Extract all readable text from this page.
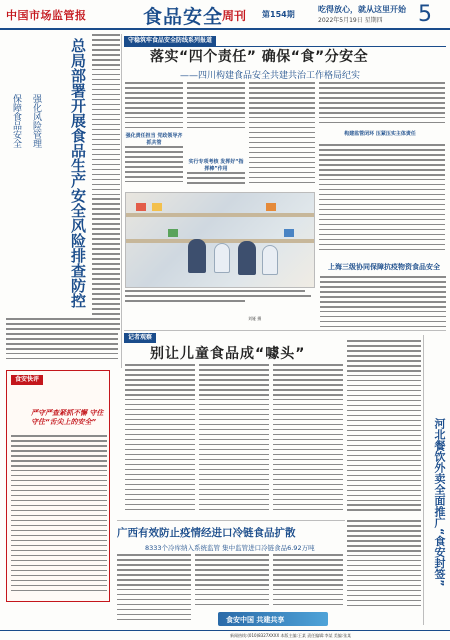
中国市场监管报	食品安全
周刊 第154期
吃得放心，就从这里开始
2022年5月19日 星期四 5
总局部署开展食品生产安全风险排查防控
强化风险管理
保障食品安全
守稳筑牢食品安全防线系列报道
落实“四个责任” 确保“食”分安全
——四川构建食品安全共建共治工作格局纪实
强化责任担当 党政领导齐抓共管
实行专项考核 发挥好“指挥棒”作用
构建监管闭环 压紧压实主体责任
刘娅 摄
上海三级协同保障抗疫物资食品安全
记者观察
别让儿童食品成“噱头”
河北餐饮外卖全面推广“食安封签”
食安快评
严守严查紧抓不懈 守住守住“舌尖上的安全”
广西有效防止疫情经进口冷链食品扩散
8333个冷库纳入系统监管 集中监管进口冷链食品6.92万吨
食安中国 共建共享
新闻热线:(010)8327XXXX 本版主编:王某 责任编辑:李某 美编:张某
